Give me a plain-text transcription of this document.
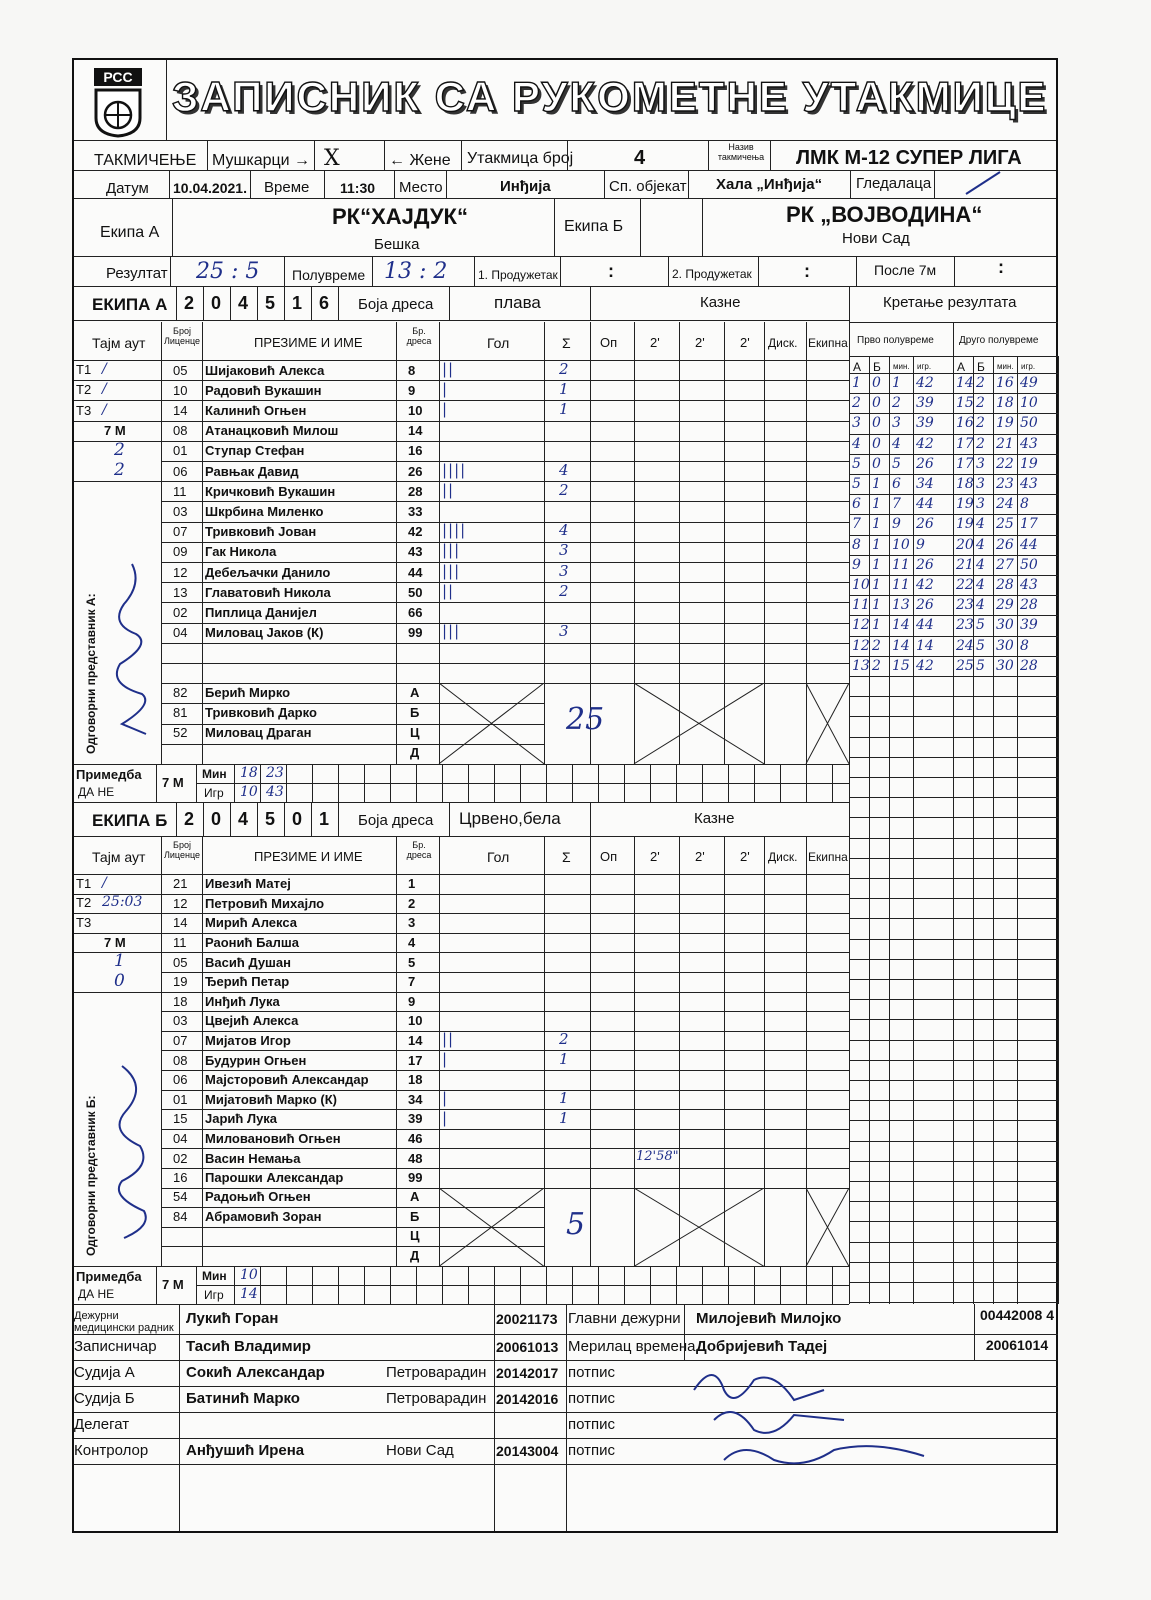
РСС ЗАПИСНИК СА РУКОМЕТНЕ УТАКМИЦЕ
ТАКМИЧЕЊЕ Мушкарци → X	← Жене Утакмица број	4	Назив такмичења ЛМК М-12 СУПЕР ЛИГА
Датум 10.04.2021. Време 11:30 Место	Инђија	Сп. објекат Хала „Инђија“ Гледалаца
Екипа А
РК“ХАЈДУК“
Бешка
Екипа Б	РК „ВОЈВОДИНА“
Нови Сад
Резултат 25 : 5 Полувреме 13 : 2	1. Продужетак	:	2. Продужетак	:	После 7м	:
ЕКИПА А 2 0 4 5 1 6 Боја дреса	плава	Казне
Тајм аут
Број Лиценце	ПРЕЗИМЕ И ИМЕ
Бр. дреса	Гол	Σ Оп	2'	2'	2' Диск. Екипна
05 Шијаковић Алекса	8 ||	2
10 Радовић Вукашин	9 |	1
14 Калинић Огњен	10 |	1
08 Атанацковић Милош	14
01 Ступар Стефан	16
06 Равњак Давид	26 ||||	4
11 Кричковић Вукашин	28 ||	2
03 Шкрбина Миленко	33
07 Тривковић Јован	42 ||||	4
09 Гак Никола	43 |||	3
12 Дебељачки Данило	44 |||	3
13 Главатовић Никола	50 ||	2
02 Пиплица Данијел	66
04 Миловац Јаков (К)	99 |||	3
Т1 /
Т2 /
Т3 /
7 М
2
2
82 Берић Мирко	А
81 Тривковић Дарко	Б
52 Миловац Драган	Ц
Д
25
Одговорни представник А:
Примедба
ДА НЕ
7 М
Мин
Игр
18 23
10 43
ЕКИПА Б 2 0 4 5 0 1 Боја дреса Црвено,бела	Казне
Тајм аут
Број Лиценце	ПРЕЗИМЕ И ИМЕ
Бр. дреса	Гол	Σ Оп	2'	2'	2' Диск. Екипна
21 Ивезић Матеј	1
12 Петровић Михајло	2
14 Мирић Алекса	3
11 Раонић Балша	4
05 Васић Душан	5
19 Ђерић Петар	7
18 Инђић Лука	9
03 Цвејић Алекса	10
07 Мијатов Игор	14 ||	2
08 Будурин Огњен	17 |	1
06 Мајсторовић Александар	18
01 Мијатовић Марко (К)	34 |	1
15 Јарић Лука	39 |	1
04 Миловановић Огњен	46
02 Васин Немања	48	12'58"
16 Парошки Александар	99
Т1 /
Т2 25:03
Т3
7 М
1
0
54 Радоњић Огњен	А
84 Абрамовић Зоран	Б
Ц
Д
5
Одговорни представник Б:
Примедба
ДА НЕ
7 М
Мин
Игр
10
14
Кретање резултата
Прво полувреме	Друго полувреме
А Б мин. игр. А Б мин. игр.
1 0 1 42
2 0 2 39
3 0 3 39
4 0 4 42
5 0 5 26
5 1 6 34
6 1 7 44
7 1 9 26
8 1 10 9
9 1 11 26
10 1 11 42
11 1 13 26
12 1 14 44
12 2 14 14
13 2 15 42
14 2 16 49
15 2 18 10
16 2 19 50
17 2 21 43
17 3 22 19
18 3 23 43
19 3 24 8
19 4 25 17
20 4 26 44
21 4 27 50
22 4 28 43
23 4 29 28
23 5 30 39
24 5 30 8
25 5 30 28
Дежурни медицински радник
Лукић Горан	20021173 Главни дежурни Милојевић Милојко	00442008 4
Записничар Тасић Владимир	20061013 Мерилац времена Добријевић Тадеј	20061014
Судија А	Сокић Александар	Петроварадин 20142017 потпис
Судија Б	Батинић Марко	Петроварадин 20142016 потпис
Делегат	потпис
Контролор	Анђушић Ирена	Нови Сад	20143004 потпис
